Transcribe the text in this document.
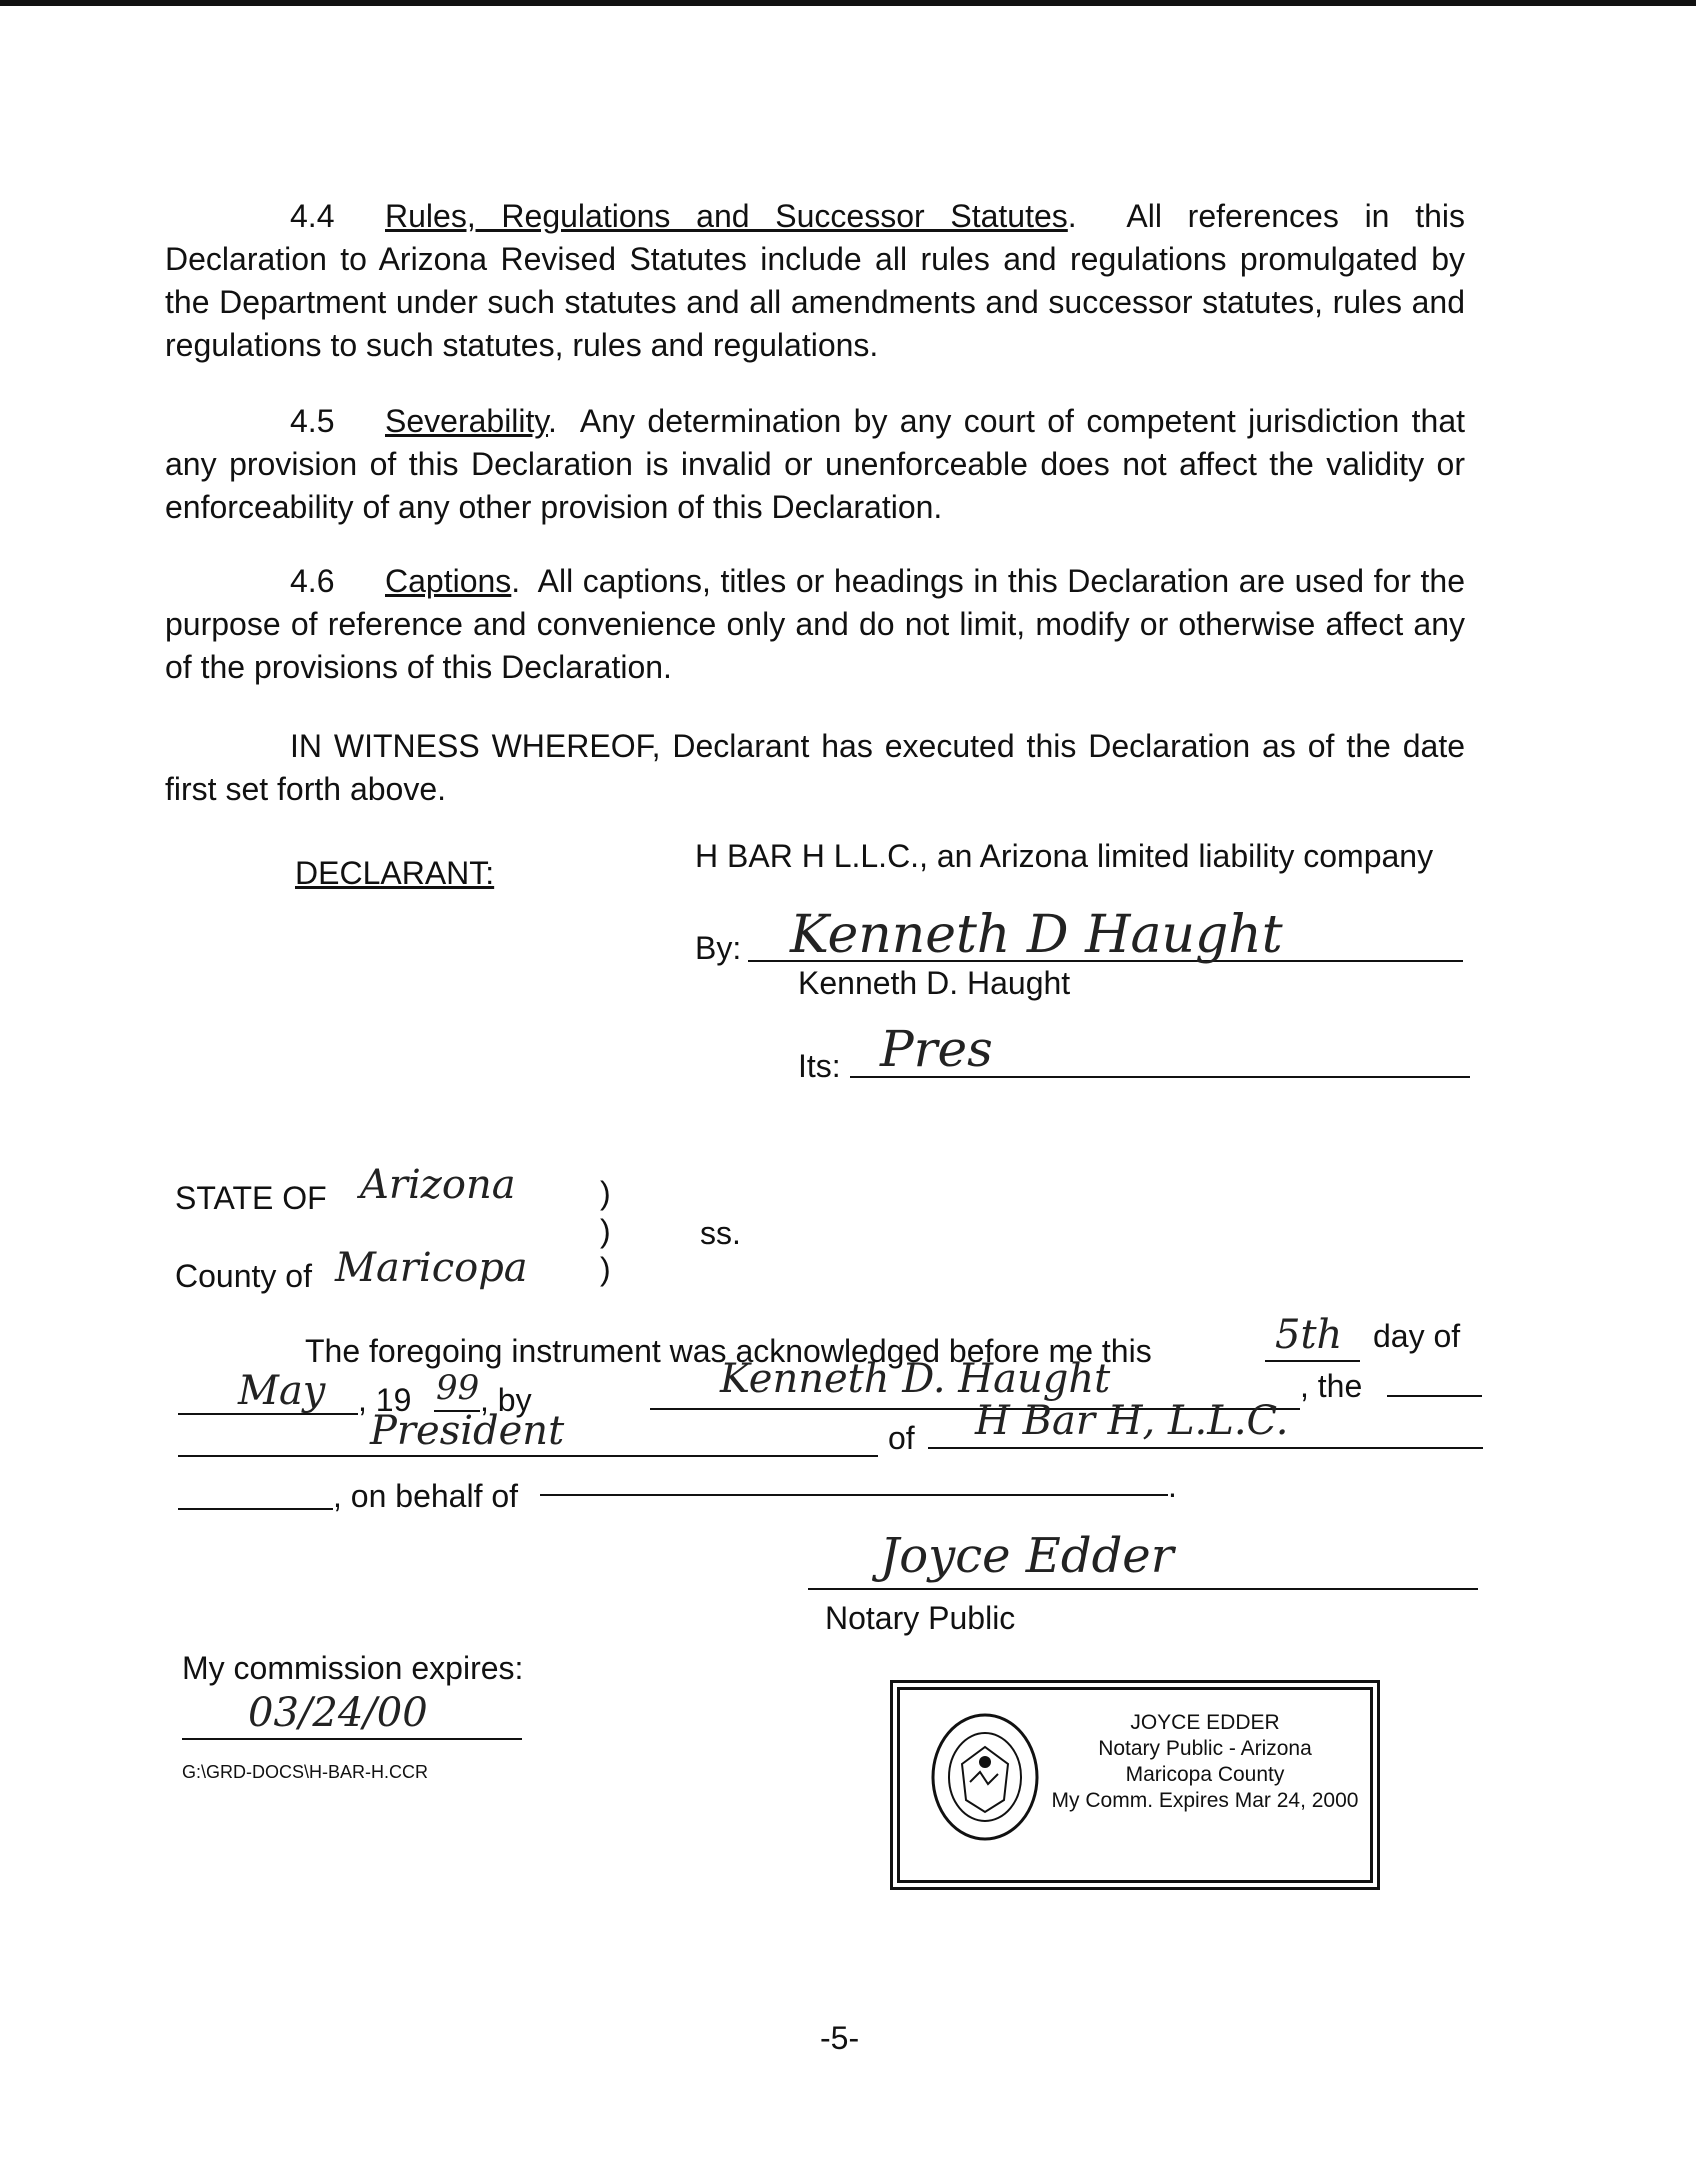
4.4 Rules, Regulations and Successor Statutes.  All references in this Declaration to Arizona Revised Statutes include all rules and regulations promulgated by the Department under such statutes and all amendments and successor statutes, rules and regulations to such statutes, rules and regulations.
4.5 Severability.  Any determination by any court of competent jurisdiction that any provision of this Declaration is invalid or unenforceable does not affect the validity or enforceability of any other provision of this Declaration.
4.6 Captions.  All captions, titles or headings in this Declaration are used for the purpose of reference and convenience only and do not limit, modify or otherwise affect any of the provisions of this Declaration.
IN WITNESS WHEREOF, Declarant has executed this Declaration as of the date first set forth above.
DECLARANT:	H BAR H L.L.C., an Arizona limited liability company
By: Kenneth D Haught
Kenneth D. Haught
Its: Pres
STATE OF Arizona	)
)
)
ss.
County of Maricopa
The foregoing instrument was acknowledged before me this	5th day of
May , 19 99 , by	Kenneth D. Haught	, the
President	of H Bar H, L.L.C.
, on behalf of	.
Joyce Edder
Notary Public
My commission expires:
03/24/00
G:\GRD-DOCS\H-BAR-H.CCR
JOYCE EDDER
Notary Public - Arizona
Maricopa County
My Comm. Expires Mar 24, 2000
-5-
